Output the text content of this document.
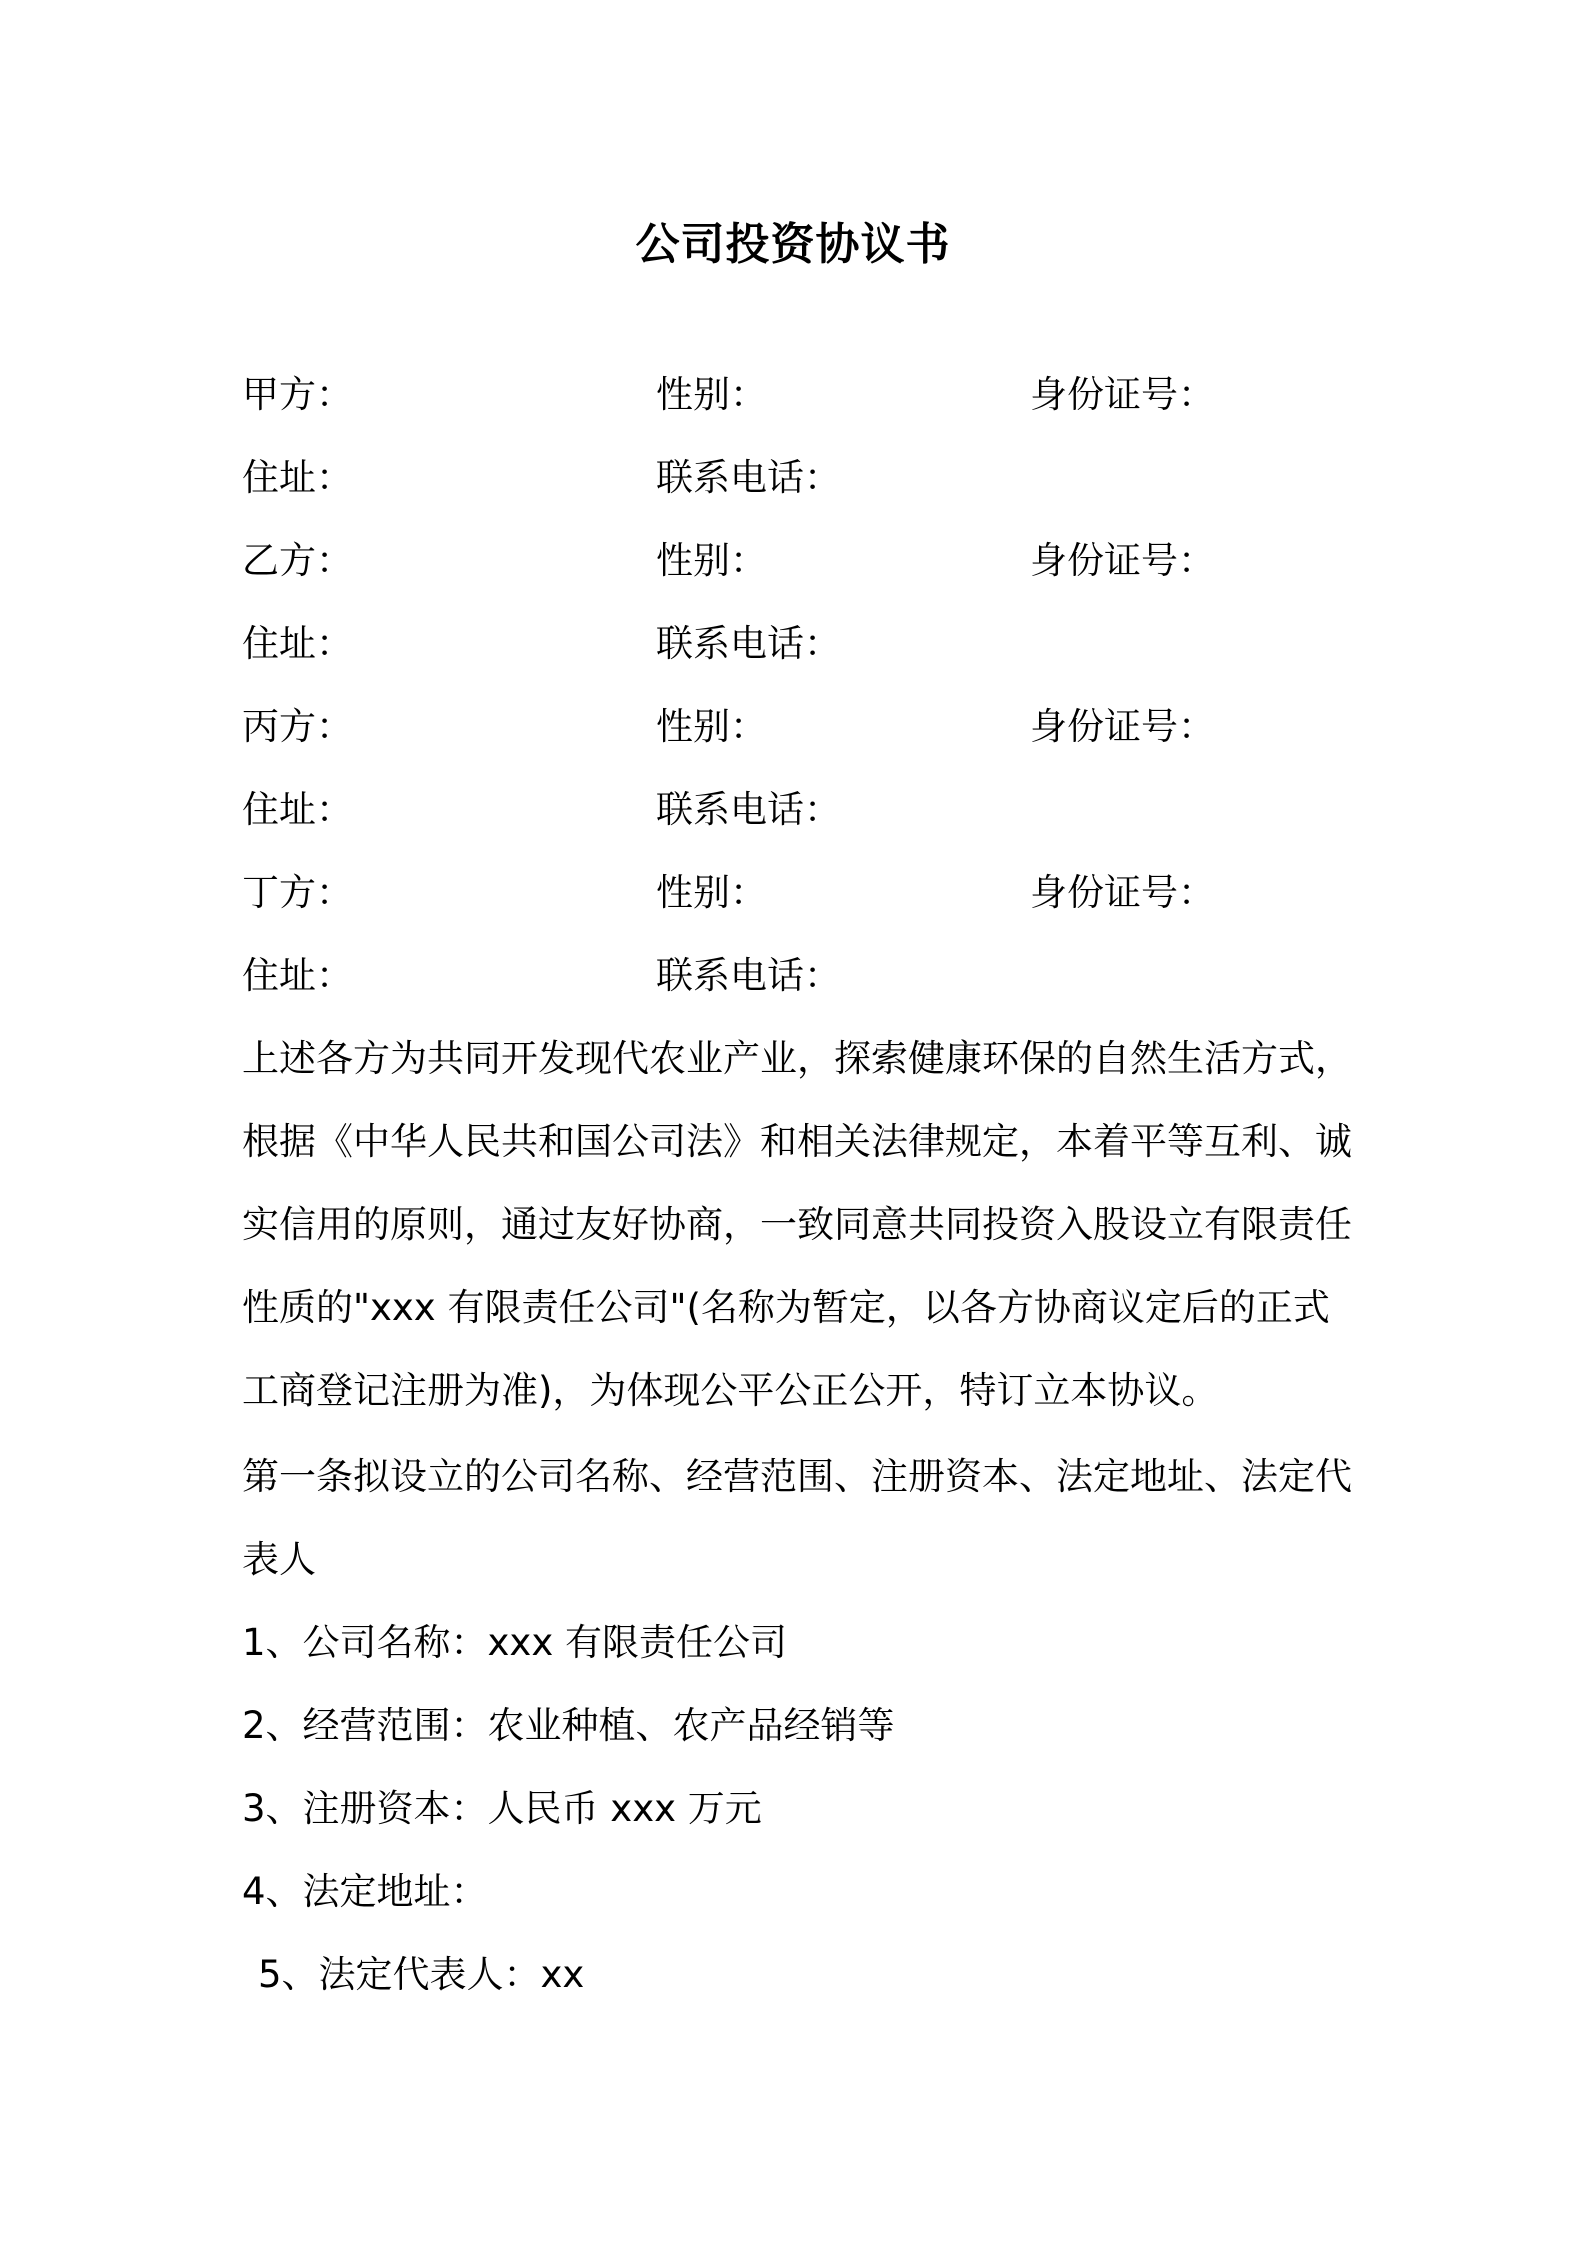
公司投资协议书
甲方：	性别：	身份证号：
住址：	联系电话：
乙方：	性别：	身份证号：
住址：	联系电话：
丙方：	性别：	身份证号：
住址：	联系电话：
丁方：	性别：	身份证号：
住址：	联系电话：
上述各方为共同开发现代农业产业，探索健康环保的自然生活方式，
根据《中华人民共和国公司法》和相关法律规定，本着平等互利、诚
实信用的原则，通过友好协商，一致同意共同投资入股设立有限责任
性质的"xxx 有限责任公司"(名称为暂定，以各方协商议定后的正式
工商登记注册为准)，为体现公平公正公开，特订立本协议。
第一条拟设立的公司名称、经营范围、注册资本、法定地址、法定代
表人
1、公司名称：xxx 有限责任公司
2、经营范围：农业种植、农产品经销等
3、注册资本：人民币 xxx 万元
4、法定地址：
5、法定代表人：xx
